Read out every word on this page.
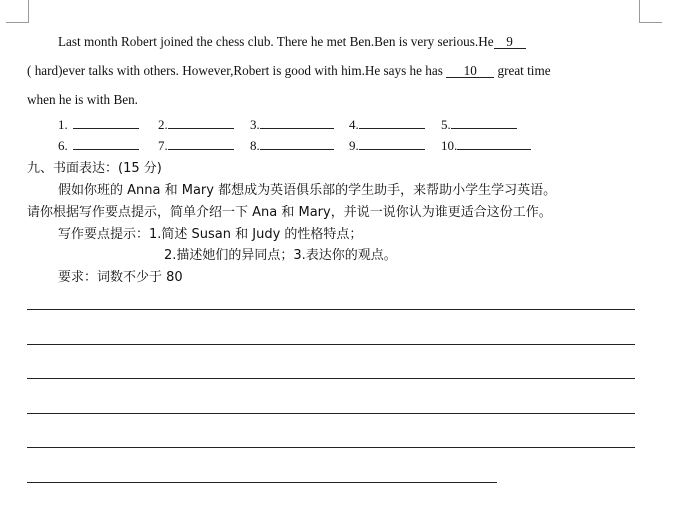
Last month Robert joined the chess club. There he met Ben.Ben is very serious.He 9
( hard)ever talks with others. However,Robert is good with him.He says he has 10 great time
when he is with Ben.
1.	2.	3.	4.	5.
6.	7.	8.	9.	10.
九、书面表达：(15 分)
假如你班的 Anna 和 Mary 都想成为英语俱乐部的学生助手，来帮助小学生学习英语。
请你根据写作要点提示，简单介绍一下 Ana 和 Mary，并说一说你认为谁更适合这份工作。
写作要点提示：1.简述 Susan 和 Judy 的性格特点；
2.描述她们的异同点；3.表达你的观点。
要求：词数不少于 80
